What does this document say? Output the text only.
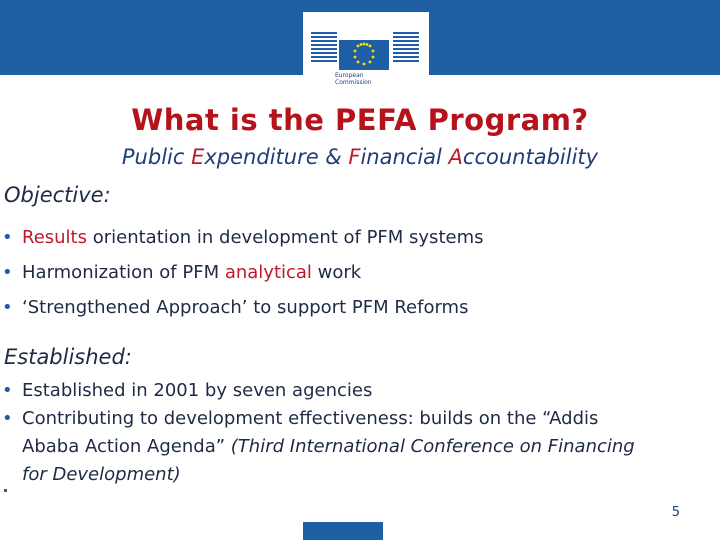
European
Commission
What is the PEFA Program?
Public Expenditure & Financial Accountability
Objective:
• Results orientation in development of PFM systems
• Harmonization of PFM analytical work
• ‘Strengthened Approach’ to support PFM Reforms
Established:
• Established in 2001 by seven agencies
• Contributing to development effectiveness: builds on the “Addis Ababa Action Agenda” (Third International Conference on Financing for Development)
5
